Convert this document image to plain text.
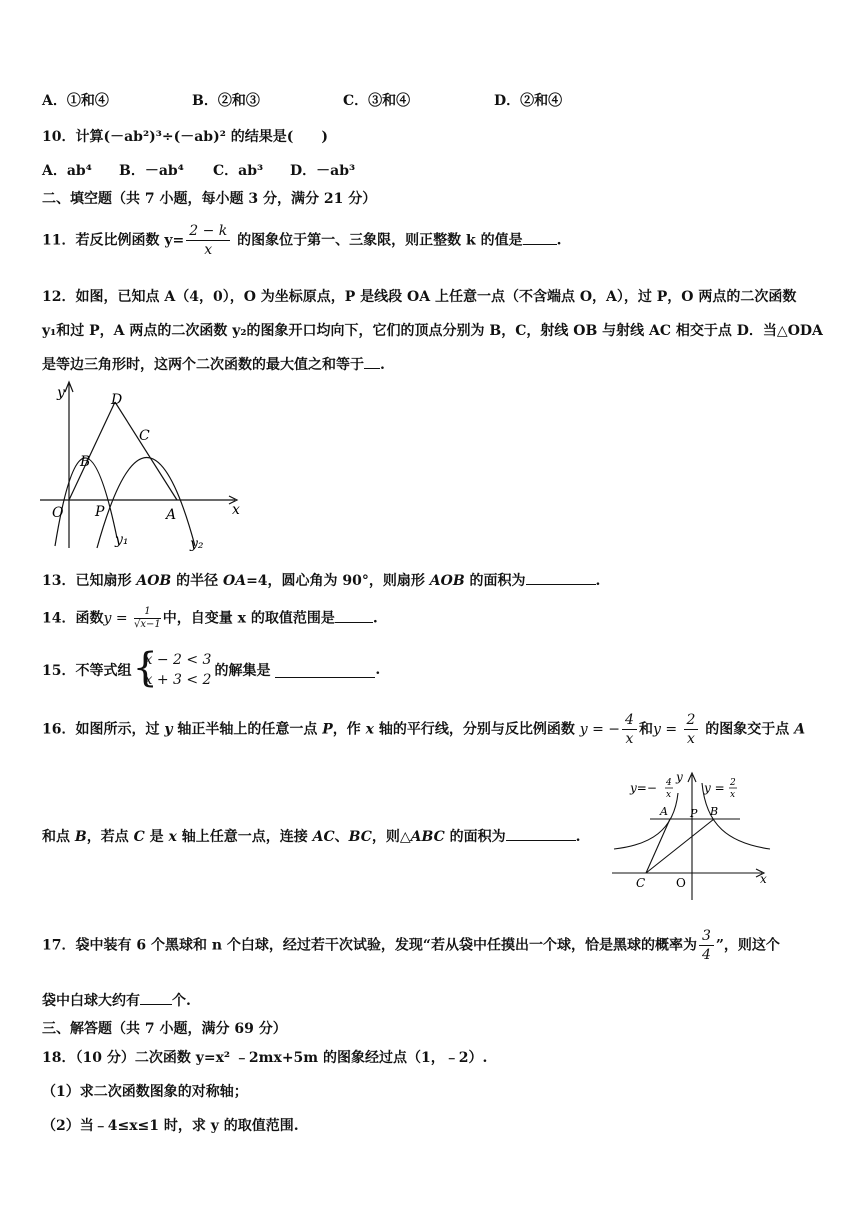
A．①和④	B．②和③	C．③和④	D．②和④
10．计算(－ab²)³÷(－ab)² 的结果是(　　)
A．ab⁴ B．－ab⁴ C．ab³ D．－ab³
二、填空题（共 7 小题，每小题 3 分，满分 21 分）
11．若反比例函数 $y= \frac{2 - k}{x}$ 的图象位于第一、三象限，则正整数 k 的值是 .
12．如图，已知点 A（4，0），O 为坐标原点，P 是线段 OA 上任意一点（不含端点 O，A），过 P，O 两点的二次函数
y₁和过 P，A 两点的二次函数 y₂的图象开口均向下，它们的顶点分别为 B，C，射线 OB 与射线 AC 相交于点 D．当△ODA
是等边三角形时，这两个二次函数的最大值之和等于 .
y
x
O P	A
B
C
D
y₁	y₂
13．已知扇形 AOB 的半径 OA=4，圆心角为 90°，则扇形 AOB 的面积为	.
14．函数$y = \frac{1}{√x-1}$ 中，自变量 x 的取值范围是	.
15．不等式组
{ x − 2 < 3
x + 3 < 2
的解集是	.
16．如图所示，过 y 轴正半轴上的任意一点 P，作 x 轴的平行线，分别与反比例函数 y = − $\frac{4}{x}$ 和$y = \frac{2}{x}$ 的图象交于点 A
和点 B，若点 C 是 x 轴上任意一点，连接 AC、BC，则△ABC 的面积为	.
y=− 4
x	y = 2
x
y
x
A P B
C	O
17．袋中装有 6 个黑球和 n 个白球，经过若干次试验，发现“若从袋中任摸出一个球，恰是黑球的概率为 $\frac{3}{4}$ ”，则这个
袋中白球大约有 个.
三、解答题（共 7 小题，满分 69 分）
18．（10 分）二次函数 y=x² ﹣2mx+5m 的图象经过点（1，﹣2）.
（1）求二次函数图象的对称轴；
（2）当﹣4≤x≤1 时，求 y 的取值范围.
